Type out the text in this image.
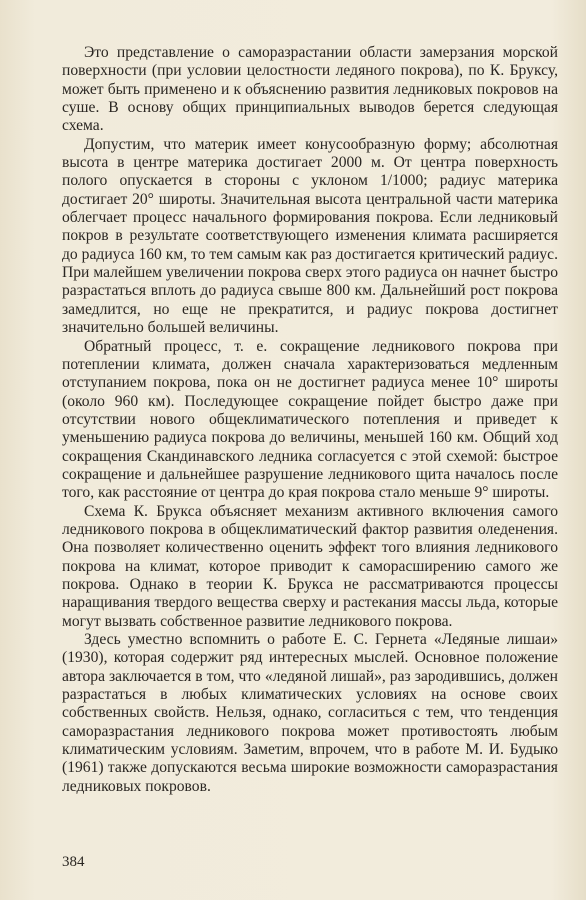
Это представление о саморазрастании области замерзания морской поверхности (при условии целостности ледяного покрова), по К. Бруксу, может быть применено и к объяснению развития ледниковых покровов на суше. В основу общих принципиальных выводов берется следующая схема.

Допустим, что материк имеет конусообразную форму; абсолютная высота в центре материка достигает 2000 м. От центра поверхность полого опускается в стороны с уклоном 1/1000; радиус материка достигает 20° широты. Значительная высота центральной части материка облегчает процесс начального формирования покрова. Если ледниковый покров в результате соответствующего изменения климата расширяется до радиуса 160 км, то тем самым как раз достигается критический радиус. При малейшем увеличении покрова сверх этого радиуса он начнет быстро разрастаться вплоть до радиуса свыше 800 км. Дальнейший рост покрова замедлится, но еще не прекратится, и радиус покрова достигнет значительно большей величины.

Обратный процесс, т. е. сокращение ледникового покрова при потеплении климата, должен сначала характеризоваться медленным отступанием покрова, пока он не достигнет радиуса менее 10° широты (около 960 км). Последующее сокращение пойдет быстро даже при отсутствии нового общеклиматического потепления и приведет к уменьшению радиуса покрова до величины, меньшей 160 км. Общий ход сокращения Скандинавского ледника согласуется с этой схемой: быстрое сокращение и дальнейшее разрушение ледникового щита началось после того, как расстояние от центра до края покрова стало меньше 9° широты.

Схема К. Брукса объясняет механизм активного включения самого ледникового покрова в общеклиматический фактор развития оледенения. Она позволяет количественно оценить эффект того влияния ледникового покрова на климат, которое приводит к саморасширению самого же покрова. Однако в теории К. Брукса не рассматриваются процессы наращивания твердого вещества сверху и растекания массы льда, которые могут вызвать собственное развитие ледникового покрова.

Здесь уместно вспомнить о работе Е. С. Гернета «Ледяные лишаи» (1930), которая содержит ряд интересных мыслей. Основное положение автора заключается в том, что «ледяной лишай», раз зародившись, должен разрастаться в любых климатических условиях на основе своих собственных свойств. Нельзя, однако, согласиться с тем, что тенденция саморазрастания ледникового покрова может противостоять любым климатическим условиям. Заметим, впрочем, что в работе М. И. Будыко (1961) также допускаются весьма широкие возможности саморазрастания ледниковых покровов.

384
